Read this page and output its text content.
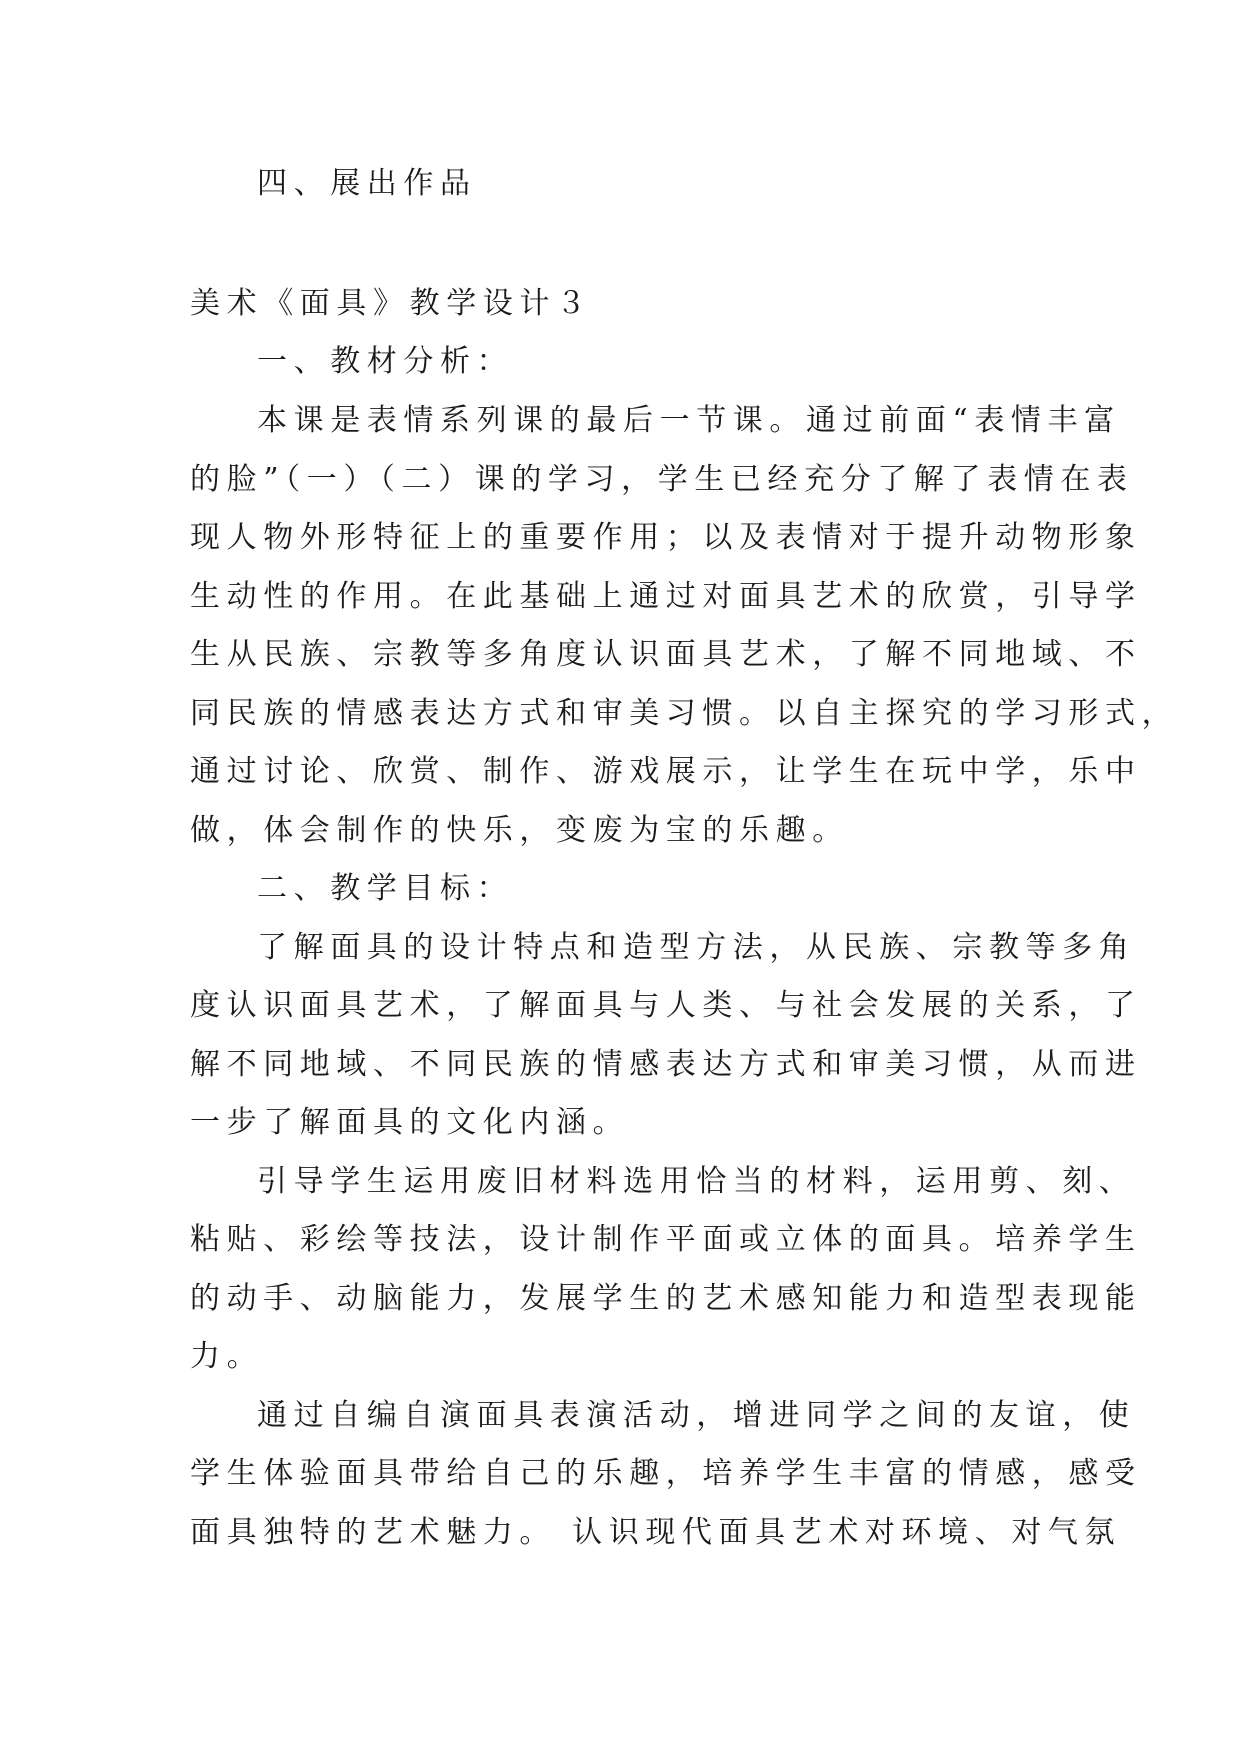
四、展出作品
美术《面具》教学设计３
一、教材分析：
本课是表情系列课的最后一节课。通过前面“表情丰富
的脸”（一）（二）课的学习，学生已经充分了解了表情在表
现人物外形特征上的重要作用；以及表情对于提升动物形象
生动性的作用。在此基础上通过对面具艺术的欣赏，引导学
生从民族、宗教等多角度认识面具艺术，了解不同地域、不
同民族的情感表达方式和审美习惯。以自主探究的学习形式，
通过讨论、欣赏、制作、游戏展示，让学生在玩中学，乐中
做，体会制作的快乐，变废为宝的乐趣。
二、教学目标：
了解面具的设计特点和造型方法，从民族、宗教等多角
度认识面具艺术，了解面具与人类、与社会发展的关系，了
解不同地域、不同民族的情感表达方式和审美习惯，从而进
一步了解面具的文化内涵。
引导学生运用废旧材料选用恰当的材料，运用剪、刻、
粘贴、彩绘等技法，设计制作平面或立体的面具。培养学生
的动手、动脑能力，发展学生的艺术感知能力和造型表现能
力。
通过自编自演面具表演活动，增进同学之间的友谊，使
学生体验面具带给自己的乐趣，培养学生丰富的情感，感受
面具独特的艺术魅力。 认识现代面具艺术对环境、对气氛
